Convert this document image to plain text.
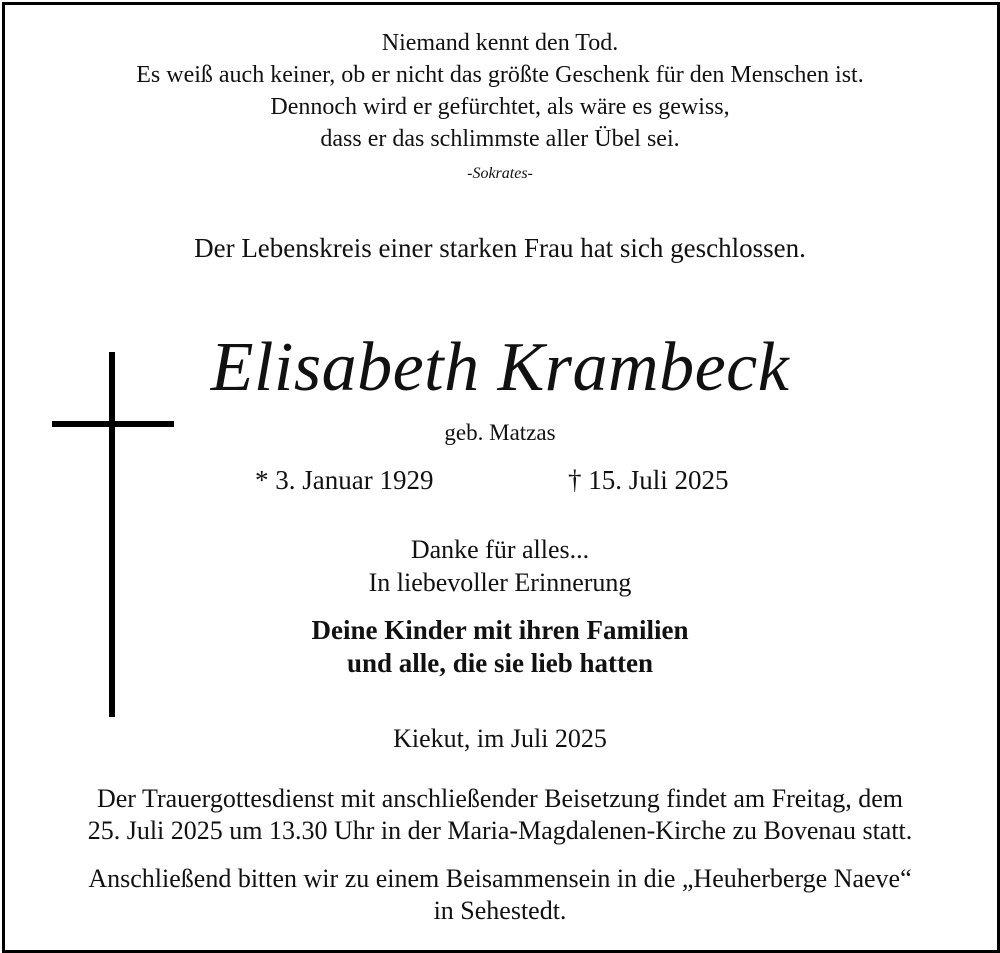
Niemand kennt den Tod.
Es weiß auch keiner, ob er nicht das größte Geschenk für den Menschen ist.
Dennoch wird er gefürchtet, als wäre es gewiss,
dass er das schlimmste aller Übel sei.
-Sokrates-
Der Lebenskreis einer starken Frau hat sich geschlossen.
Elisabeth Krambeck
geb. Matzas
* 3. Januar 1929	† 15. Juli 2025
Danke für alles...
In liebevoller Erinnerung
Deine Kinder mit ihren Familien
und alle, die sie lieb hatten
Kiekut, im Juli 2025
Der Trauergottesdienst mit anschließender Beisetzung findet am Freitag, dem
25. Juli 2025 um 13.30 Uhr in der Maria-Magdalenen-Kirche zu Bovenau statt.
Anschließend bitten wir zu einem Beisammensein in die „Heuherberge Naeve“
in Sehestedt.
